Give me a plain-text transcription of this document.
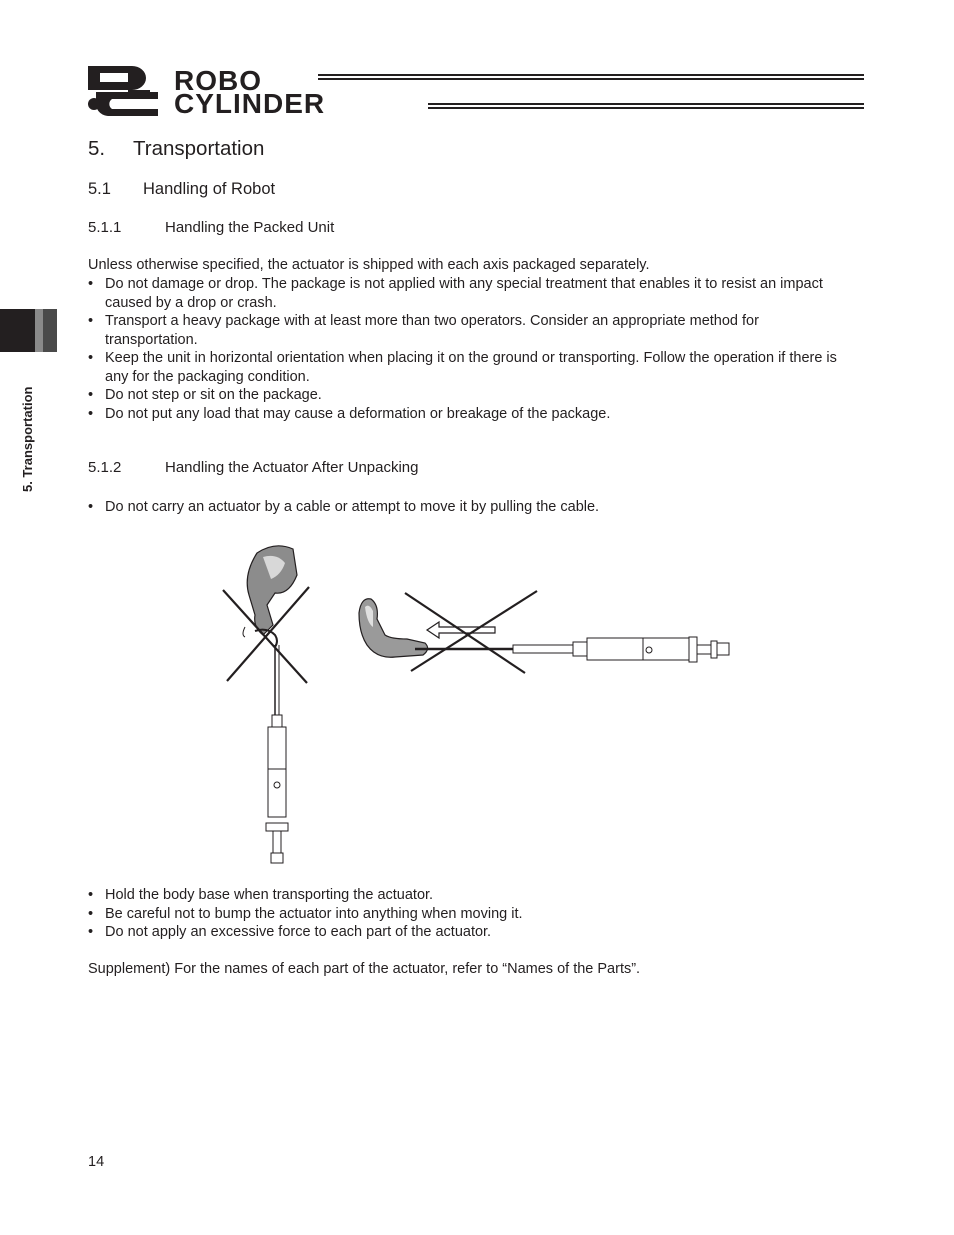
ROBO
CYLINDER
5. Transportation
5. Transportation
5.1 Handling of Robot
5.1.1	Handling the Packed Unit

Unless otherwise specified, the actuator is shipped with each axis packaged separately.

• Do not damage or drop. The package is not applied with any special treatment that enables it to resist an impact caused by a drop or crash.
• Transport a heavy package with at least more than two operators. Consider an appropriate method for transportation.
• Keep the unit in horizontal orientation when placing it on the ground or transporting. Follow the operation if there is any for the packaging condition.
• Do not step or sit on the package.
• Do not put any load that may cause a deformation or breakage of the package.
5.1.2	Handling the Actuator After Unpacking
• Do not carry an actuator by a cable or attempt to move it by pulling the cable.
• Hold the body base when transporting the actuator.
• Be careful not to bump the actuator into anything when moving it.
• Do not apply an excessive force to each part of the actuator.

Supplement) For the names of each part of the actuator, refer to “Names of the Parts”.

14
